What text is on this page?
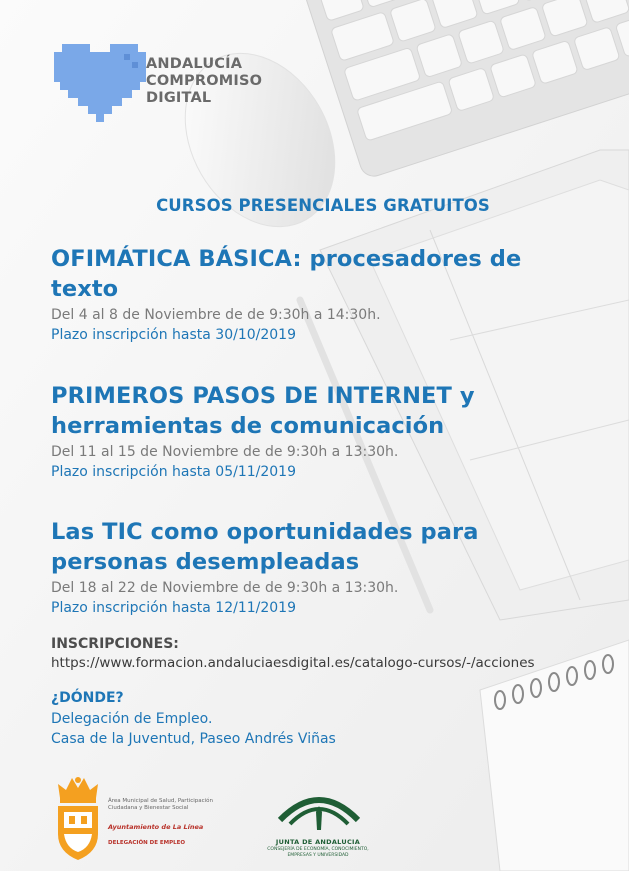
ANDALUCÍA
COMPROMISO
DIGITAL
CURSOS PRESENCIALES GRATUITOS
OFIMÁTICA BÁSICA: procesadores de
texto
Del 4 al 8 de Noviembre de de 9:30h a 14:30h.
Plazo inscripción hasta 30/10/2019
PRIMEROS PASOS DE INTERNET y
herramientas de comunicación
Del 11 al 15 de Noviembre de de 9:30h a 13:30h.
Plazo inscripción hasta 05/11/2019
Las TIC como oportunidades para
personas desempleadas
Del 18 al 22 de Noviembre de de 9:30h a 13:30h.
Plazo inscripción hasta 12/11/2019
INSCRIPCIONES:
https://www.formacion.andaluciaesdigital.es/catalogo-cursos/-/acciones
¿DÓNDE?
Delegación de Empleo.
Casa de la Juventud, Paseo Andrés Viñas
Área Municipal de Salud, Participación
Ciudadana y Bienestar Social
Ayuntamiento de La Línea
DELEGACIÓN DE EMPLEO	JUNTA DE ANDALUCIA
CONSEJERÍA DE ECONOMÍA, CONOCIMIENTO,
EMPRESAS Y UNIVERSIDAD
